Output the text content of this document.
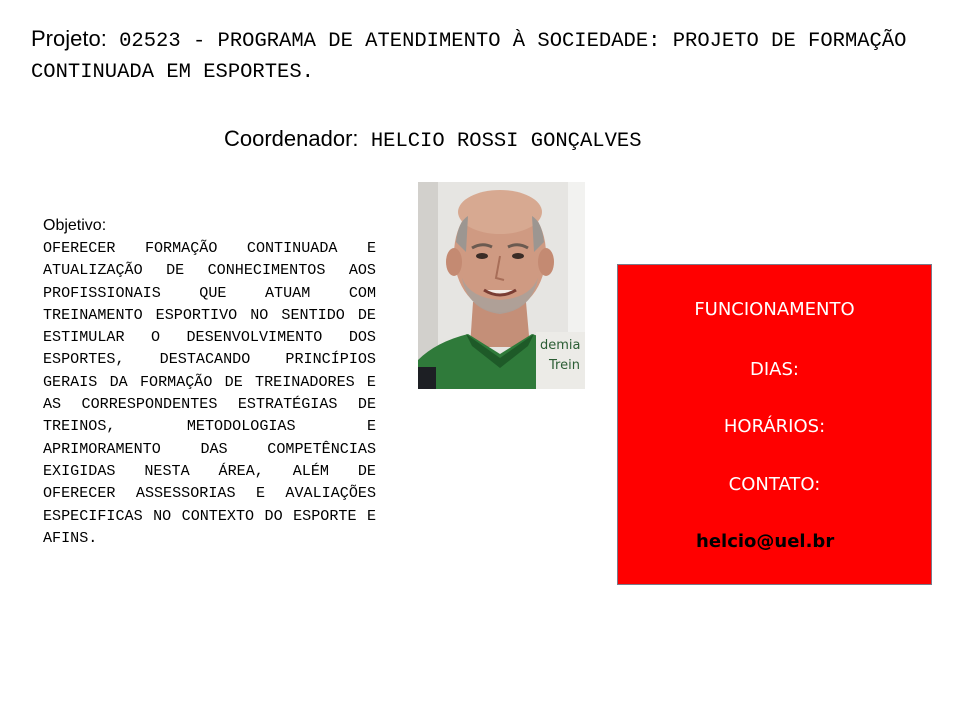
Projeto: 02523 - PROGRAMA DE ATENDIMENTO À SOCIEDADE: PROJETO DE FORMAÇÃO CONTINUADA EM ESPORTES.
Coordenador: HELCIO ROSSI GONÇALVES
Objetivo:
OFERECER FORMAÇÃO CONTINUADA E ATUALIZAÇÃO DE CONHECIMENTOS AOS PROFISSIONAIS QUE ATUAM COM TREINAMENTO ESPORTIVO NO SENTIDO DE ESTIMULAR O DESENVOLVIMENTO DOS ESPORTES, DESTACANDO PRINCÍPIOS GERAIS DA FORMAÇÃO DE TREINADORES E AS CORRESPONDENTES ESTRATÉGIAS DE TREINOS, METODOLOGIAS E APRIMORAMENTO DAS COMPETÊNCIAS EXIGIDAS NESTA ÁREA, ALÉM DE OFERECER ASSESSORIAS E AVALIAÇÕES ESPECIFICAS NO CONTEXTO DO ESPORTE E AFINS.
demia
Trein
FUNCIONAMENTO
DIAS:
HORÁRIOS:
CONTATO:
helcio@uel.br
